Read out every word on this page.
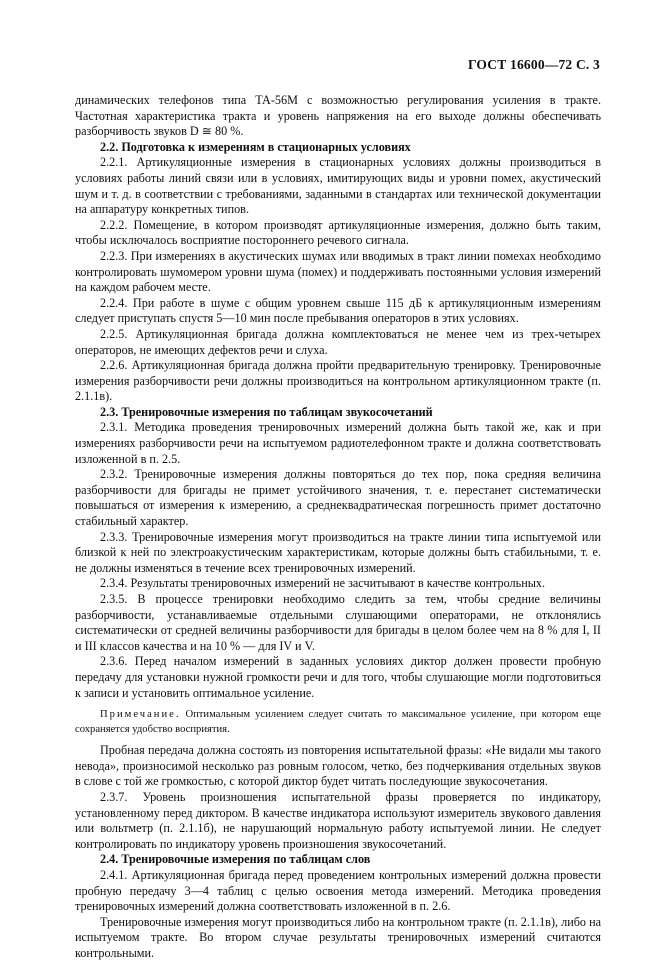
ГОСТ 16600—72 С. 3

динамических телефонов типа ТА-56М с возможностью регулирования усиления в тракте. Частотная характеристика тракта и уровень напряжения на его выходе должны обеспечивать разборчивость звуков D ≅ 80 %.

2.2. Подготовка к измерениям в стационарных условиях

2.2.1. Артикуляционные измерения в стационарных условиях должны производиться в условиях работы линий связи или в условиях, имитирующих виды и уровни помех, акустический шум и т. д. в соответствии с требованиями, заданными в стандартах или технической документации на аппаратуру конкретных типов.

2.2.2. Помещение, в котором производят артикуляционные измерения, должно быть таким, чтобы исключалось восприятие постороннего речевого сигнала.

2.2.3. При измерениях в акустических шумах или вводимых в тракт линии помехах необходимо контролировать шумомером уровни шума (помех) и поддерживать постоянными условия измерений на каждом рабочем месте.

2.2.4. При работе в шуме с общим уровнем свыше 115 дБ к артикуляционным измерениям следует приступать спустя 5—10 мин после пребывания операторов в этих условиях.

2.2.5. Артикуляционная бригада должна комплектоваться не менее чем из трех-четырех операторов, не имеющих дефектов речи и слуха.

2.2.6. Артикуляционная бригада должна пройти предварительную тренировку. Тренировочные измерения разборчивости речи должны производиться на контрольном артикуляционном тракте (п. 2.1.1в).

2.3. Тренировочные измерения по таблицам звукосочетаний

2.3.1. Методика проведения тренировочных измерений должна быть такой же, как и при измерениях разборчивости речи на испытуемом радиотелефонном тракте и должна соответствовать изложенной в п. 2.5.

2.3.2. Тренировочные измерения должны повторяться до тех пор, пока средняя величина разборчивости для бригады не примет устойчивого значения, т. е. перестанет систематически повышаться от измерения к измерению, а среднеквадратическая погрешность примет достаточно стабильный характер.

2.3.3. Тренировочные измерения могут производиться на тракте линии типа испытуемой или близкой к ней по электроакустическим характеристикам, которые должны быть стабильными, т. е. не должны изменяться в течение всех тренировочных измерений.

2.3.4. Результаты тренировочных измерений не засчитывают в качестве контрольных.

2.3.5. В процессе тренировки необходимо следить за тем, чтобы средние величины разборчивости, устанавливаемые отдельными слушающими операторами, не отклонялись систематически от средней величины разборчивости для бригады в целом более чем на 8 % для I, II и III классов качества и на 10 % — для IV и V.

2.3.6. Перед началом измерений в заданных условиях диктор должен провести пробную передачу для установки нужной громкости речи и для того, чтобы слушающие могли подготовиться к записи и установить оптимальное усиление.

Примечание. Оптимальным усилением следует считать то максимальное усиление, при котором еще сохраняется удобство восприятия.

Пробная передача должна состоять из повторения испытательной фразы: «Не видали мы такого невода», произносимой несколько раз ровным голосом, четко, без подчеркивания отдельных звуков в слове с той же громкостью, с которой диктор будет читать последующие звукосочетания.

2.3.7. Уровень произношения испытательной фразы проверяется по индикатору, установленному перед диктором. В качестве индикатора используют измеритель звукового давления или вольтметр (п. 2.1.1б), не нарушающий нормальную работу испытуемой линии. Не следует контролировать по индикатору уровень произношения звукосочетаний.

2.4. Тренировочные измерения по таблицам слов

2.4.1. Артикуляционная бригада перед проведением контрольных измерений должна провести пробную передачу 3—4 таблиц с целью освоения метода измерений. Методика проведения тренировочных измерений должна соответствовать изложенной в п. 2.6.

Тренировочные измерения могут производиться либо на контрольном тракте (п. 2.1.1в), либо на испытуемом тракте. Во втором случае результаты тренировочных измерений считаются контрольными.
